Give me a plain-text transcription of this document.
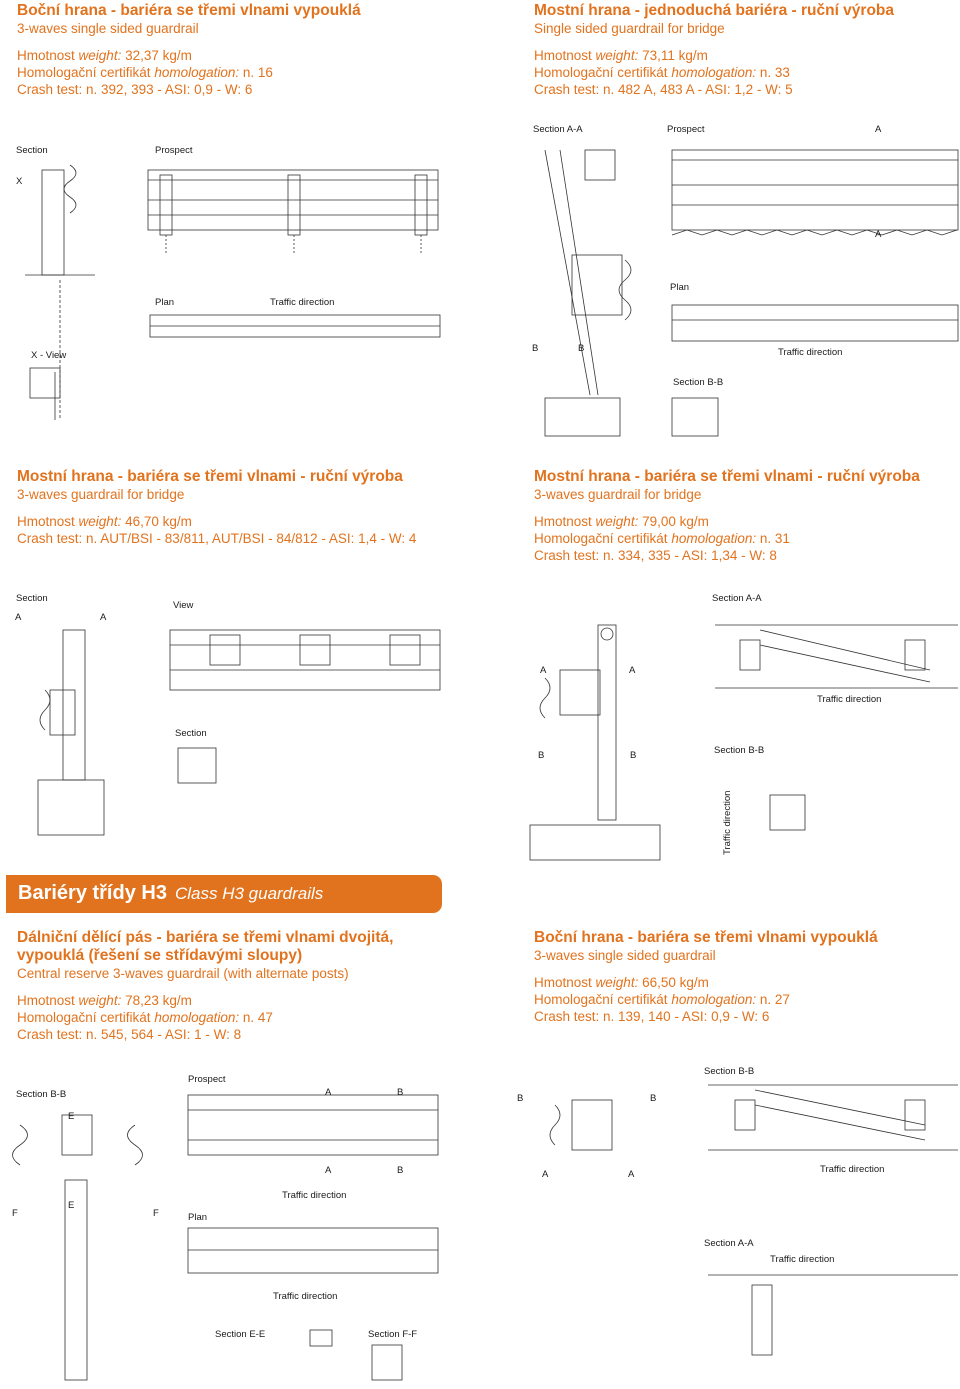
Boční hrana - bariéra se třemi vlnami vypouklá
3-waves single sided guardrail
Hmotnost weight: 32,37 kg/m
Homologační certifikát homologation: n. 16
Crash test: n. 392, 393 - ASI: 0,9 - W: 6
Mostní hrana - jednoduchá bariéra - ruční výroba
Single sided guardrail for bridge
Hmotnost weight: 73,11 kg/m
Homologační certifikát homologation: n. 33
Crash test: n. 482 A, 483 A - ASI: 1,2 - W: 5
Mostní hrana - bariéra se třemi vlnami - ruční výroba
3-waves guardrail for bridge
Hmotnost weight: 46,70 kg/m
Crash test: n. AUT/BSI - 83/811, AUT/BSI - 84/812 - ASI: 1,4 - W: 4
Mostní hrana - bariéra se třemi vlnami - ruční výroba
3-waves guardrail for bridge
Hmotnost weight: 79,00 kg/m
Homologační certifikát homologation: n. 31
Crash test: n. 334, 335 - ASI: 1,34 - W: 8
Bariéry třídy H3 Class H3 guardrails
Dálniční dělící pás - bariéra se třemi vlnami dvojitá, vypouklá (řešení se střídavými sloupy)
Central reserve 3-waves guardrail (with alternate posts)
Hmotnost weight: 78,23 kg/m
Homologační certifikát homologation: n. 47
Crash test: n. 545, 564 - ASI: 1 - W: 8
Boční hrana - bariéra se třemi vlnami vypouklá
3-waves single sided guardrail
Hmotnost weight: 66,50 kg/m
Homologační certifikát homologation: n. 27
Crash test: n. 139, 140 - ASI: 0,9 - W: 6
Section	Prospect
X
Plan	Traffic direction
X - View
Section A-A	Prospect	A
A
Plan
B	B	Traffic direction
Section B-B
Section
A	A
View
Section
Section A-A
A	A
Traffic direction
B	B	Section B-B
Traffic direction
Section B-B
Prospect
A	B
E
A	B
Traffic direction
F
E
F	Plan
Traffic direction
Section E-E	Section F-F
Section B-B
B	B
A	A	Traffic direction
Section A-A
Traffic direction
